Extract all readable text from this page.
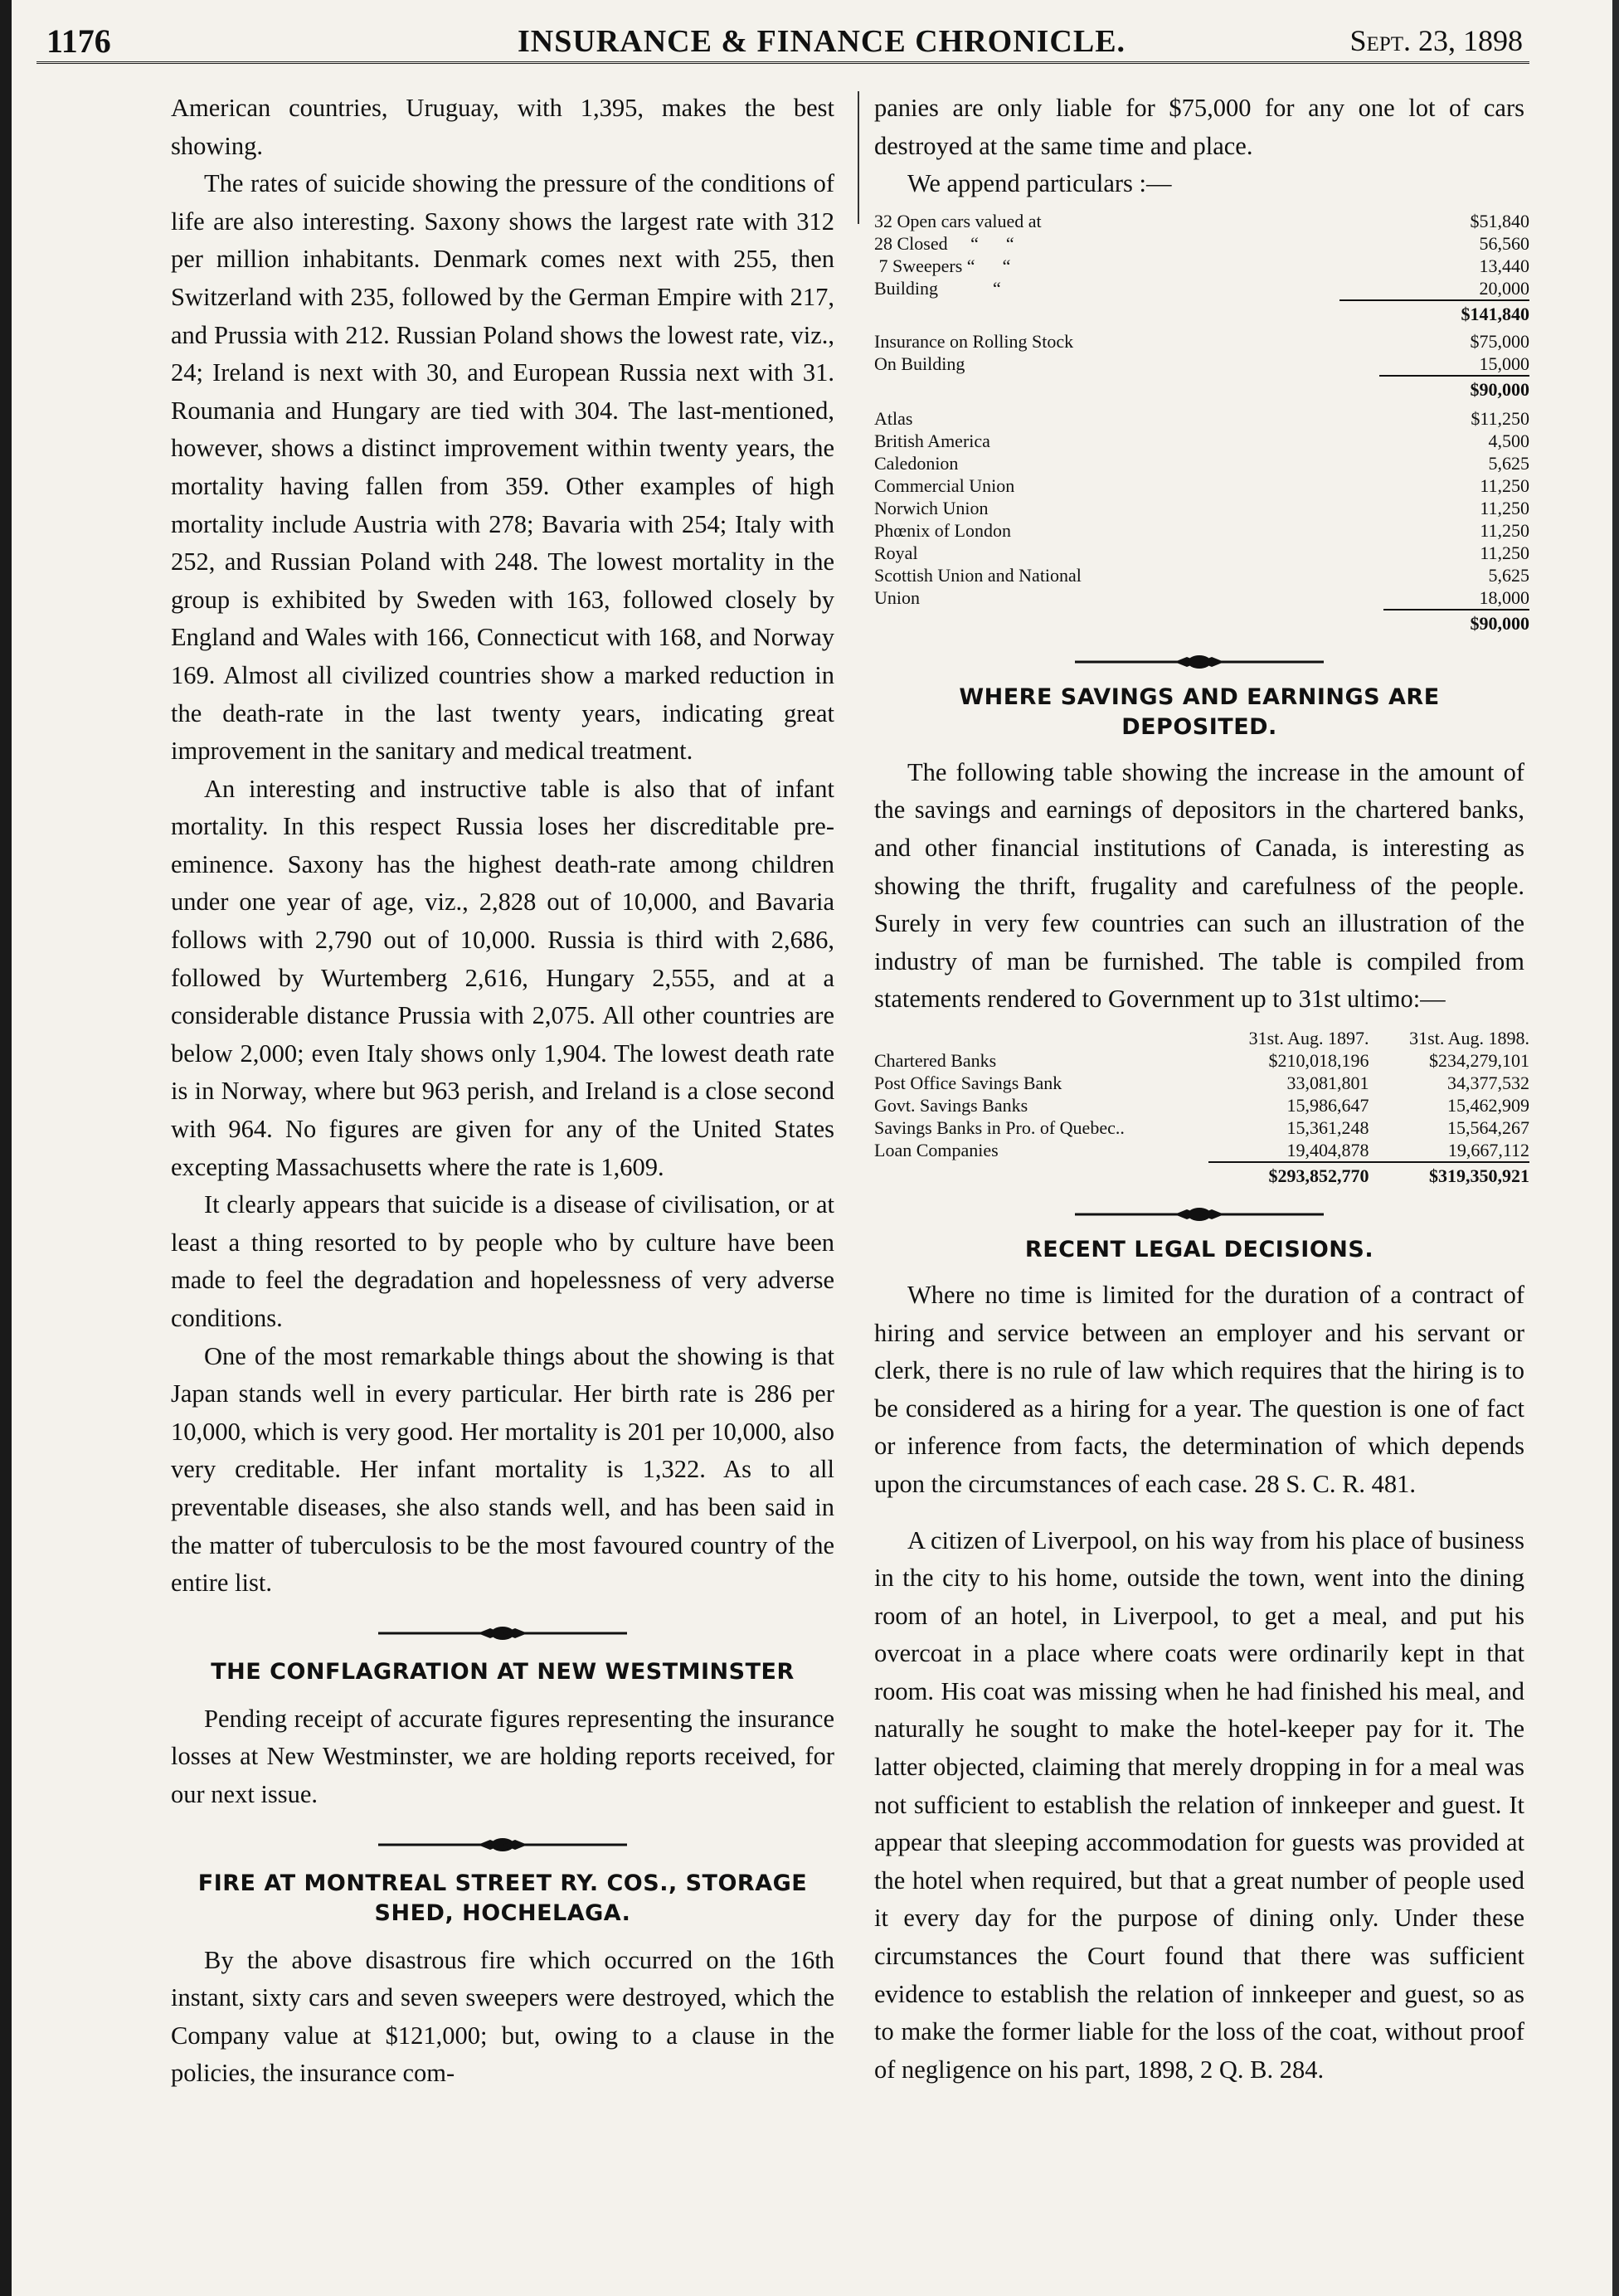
1176	INSURANCE & FINANCE CHRONICLE.	Sept. 23, 1898

American countries, Uruguay, with 1,395, makes the best showing.

The rates of suicide showing the pressure of the conditions of life are also interesting. Saxony shows the largest rate with 312 per million inhabitants. Denmark comes next with 255, then Switzerland with 235, followed by the German Empire with 217, and Prussia with 212. Russian Poland shows the lowest rate, viz., 24; Ireland is next with 30, and European Russia next with 31. Roumania and Hungary are tied with 304. The last-mentioned, however, shows a distinct improvement within twenty years, the mortality having fallen from 359. Other examples of high mortality include Austria with 278; Bavaria with 254; Italy with 252, and Russian Poland with 248. The lowest mortality in the group is exhibited by Sweden with 163, followed closely by England and Wales with 166, Connecticut with 168, and Norway 169. Almost all civilized countries show a marked reduction in the death-rate in the last twenty years, indicating great improvement in the sanitary and medical treatment.

An interesting and instructive table is also that of infant mortality. In this respect Russia loses her discreditable pre-eminence. Saxony has the highest death-rate among children under one year of age, viz., 2,828 out of 10,000, and Bavaria follows with 2,790 out of 10,000. Russia is third with 2,686, followed by Wurtemberg 2,616, Hungary 2,555, and at a considerable distance Prussia with 2,075. All other countries are below 2,000; even Italy shows only 1,904. The lowest death rate is in Norway, where but 963 perish, and Ireland is a close second with 964. No figures are given for any of the United States excepting Massachusetts where the rate is 1,609.

It clearly appears that suicide is a disease of civilisation, or at least a thing resorted to by people who by culture have been made to feel the degradation and hopelessness of very adverse conditions.

One of the most remarkable things about the showing is that Japan stands well in every particular. Her birth rate is 286 per 10,000, which is very good. Her mortality is 201 per 10,000, also very creditable. Her infant mortality is 1,322. As to all preventable diseases, she also stands well, and has been said in the matter of tuberculosis to be the most favoured country of the entire list.

THE CONFLAGRATION AT NEW WESTMINSTER

Pending receipt of accurate figures representing the insurance losses at New Westminster, we are holding reports received, for our next issue.

FIRE AT MONTREAL STREET RY. COS., STORAGE
SHED, HOCHELAGA.

By the above disastrous fire which occurred on the 16th instant, sixty cars and seven sweepers were destroyed, which the Company value at $121,000; but, owing to a clause in the policies, the insurance com-

panies are only liable for $75,000 for any one lot of cars destroyed at the same time and place.

We append particulars :—

32 Open cars valued at	$51,840
28 Closed     “      “	56,560
7 Sweepers “      “	13,440
Building            “	20,000
	$141,840
Insurance on Rolling Stock	$75,000
On Building	15,000
	$90,000
Atlas	$11,250
British America	4,500
Caledonion	5,625
Commercial Union	11,250
Norwich Union	11,250
Phœnix of London	11,250
Royal	11,250
Scottish Union and National	5,625
Union	18,000
	$90,000
WHERE SAVINGS AND EARNINGS ARE
DEPOSITED.

The following table showing the increase in the amount of the savings and earnings of depositors in the chartered banks, and other financial institutions of Canada, is interesting as showing the thrift, frugality and carefulness of the people. Surely in very few countries can such an illustration of the industry of man be furnished. The table is compiled from statements rendered to Government up to 31st ultimo:—

	31st. Aug. 1897.	31st. Aug. 1898.
Chartered Banks	$210,018,196	$234,279,101
Post Office Savings Bank	33,081,801	34,377,532
Govt. Savings Banks	15,986,647	15,462,909
Savings Banks in Pro. of Quebec..	15,361,248	15,564,267
Loan Companies	19,404,878	19,667,112
	$293,852,770	$319,350,921
RECENT LEGAL DECISIONS.

Where no time is limited for the duration of a contract of hiring and service between an employer and his servant or clerk, there is no rule of law which requires that the hiring is to be considered as a hiring for a year. The question is one of fact or inference from facts, the determination of which depends upon the circumstances of each case. 28 S. C. R. 481.

A citizen of Liverpool, on his way from his place of business in the city to his home, outside the town, went into the dining room of an hotel, in Liverpool, to get a meal, and put his overcoat in a place where coats were ordinarily kept in that room. His coat was missing when he had finished his meal, and naturally he sought to make the hotel-keeper pay for it. The latter objected, claiming that merely dropping in for a meal was not sufficient to establish the relation of innkeeper and guest. It appear that sleeping accommodation for guests was provided at the hotel when required, but that a great number of people used it every day for the purpose of dining only. Under these circumstances the Court found that there was sufficient evidence to establish the relation of innkeeper and guest, so as to make the former liable for the loss of the coat, without proof of negligence on his part, 1898, 2 Q. B. 284.
